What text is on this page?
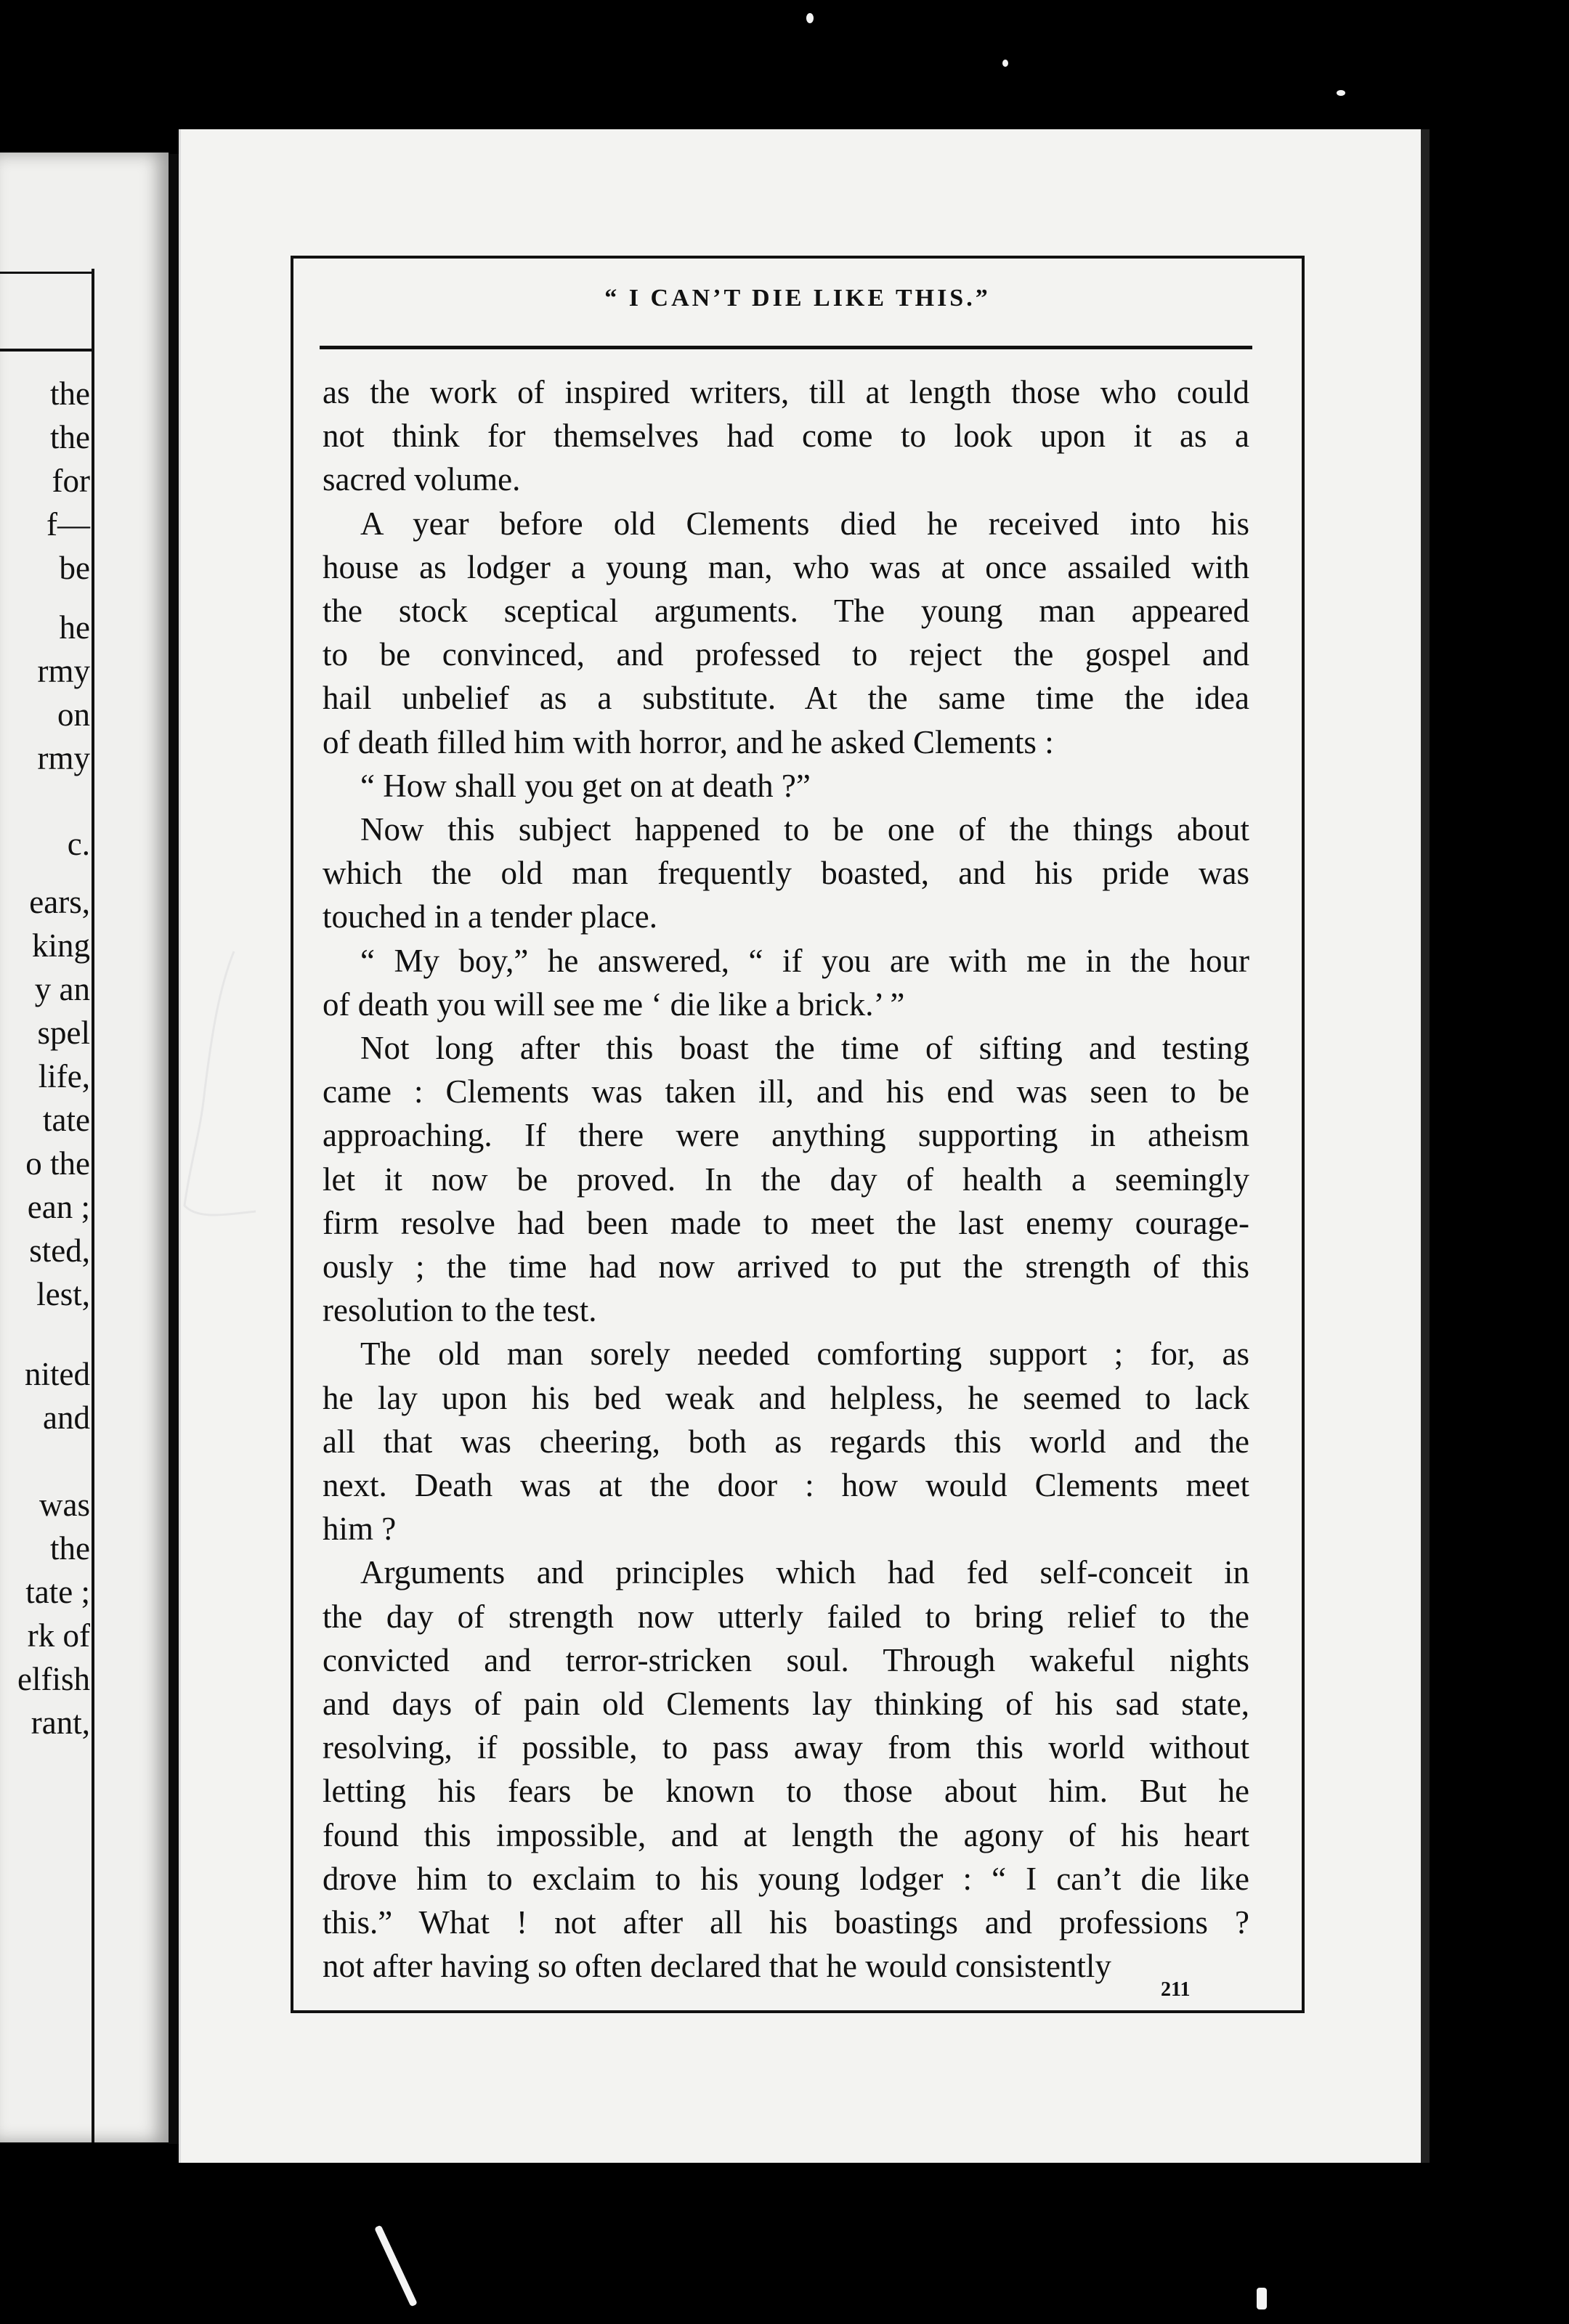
the
the
for
f—
be
he
rmy
on
rmy
c.
ears,
king
y an
spel
life,
tate
o the
ean ;
sted,
lest,
nited
and
was
the
tate ;
rk of
elfish
rant,
“ I CAN’T DIE LIKE THIS.”
as the work of inspired writers, till at length those who could
not think for themselves had come to look upon it as a
sacred volume.
A year before old Clements died he received into his
house as lodger a young man, who was at once assailed with
the stock sceptical arguments. The young man appeared
to be convinced, and professed to reject the gospel and
hail unbelief as a substitute. At the same time the idea
of death filled him with horror, and he asked Clements :
“ How shall you get on at death ?”
Now this subject happened to be one of the things about
which the old man frequently boasted, and his pride was
touched in a tender place.
“ My boy,” he answered, “ if you are with me in the hour
of death you will see me ‘ die like a brick.’ ”
Not long after this boast the time of sifting and testing
came : Clements was taken ill, and his end was seen to be
approaching. If there were anything supporting in atheism
let it now be proved. In the day of health a seemingly
firm resolve had been made to meet the last enemy courage-
ously ; the time had now arrived to put the strength of this
resolution to the test.
The old man sorely needed comforting support ; for, as
he lay upon his bed weak and helpless, he seemed to lack
all that was cheering, both as regards this world and the
next. Death was at the door : how would Clements meet
him ?
Arguments and principles which had fed self-conceit in
the day of strength now utterly failed to bring relief to the
convicted and terror-stricken soul. Through wakeful nights
and days of pain old Clements lay thinking of his sad state,
resolving, if possible, to pass away from this world without
letting his fears be known to those about him. But he
found this impossible, and at length the agony of his heart
drove him to exclaim to his young lodger : “ I can’t die like
this.” What ! not after all his boastings and professions ?
not after having so often declared that he would consistently
211
